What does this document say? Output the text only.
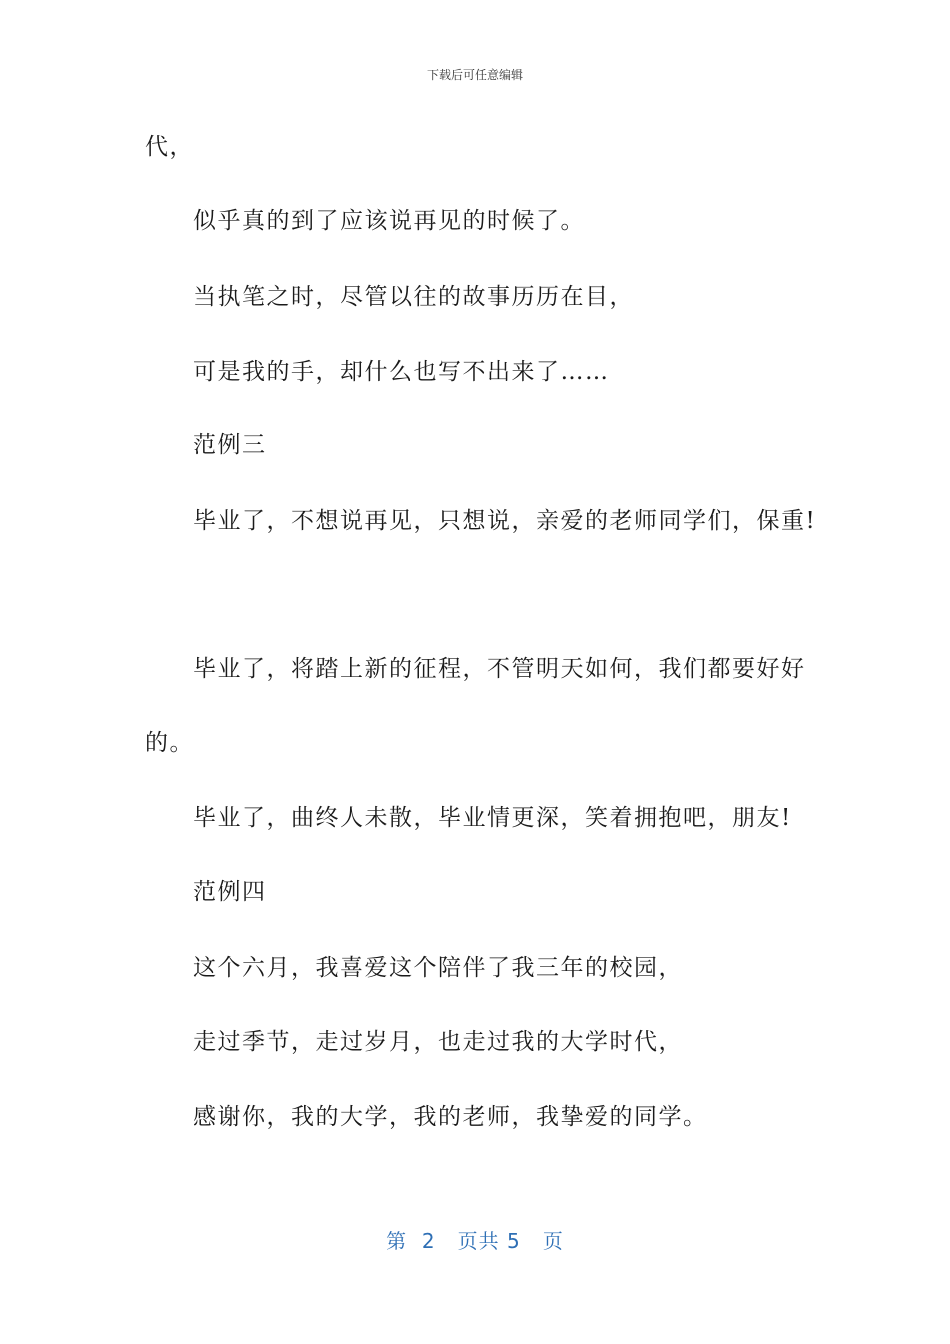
下载后可任意编辑
代，
似乎真的到了应该说再见的时候了。
当执笔之时，尽管以往的故事历历在目，
可是我的手，却什么也写不出来了……
范例三
毕业了，不想说再见，只想说，亲爱的老师同学们，保重!
毕业了，将踏上新的征程，不管明天如何，我们都要好好
的。
毕业了，曲终人未散，毕业情更深，笑着拥抱吧，朋友!
范例四
这个六月，我喜爱这个陪伴了我三年的校园，
走过季节，走过岁月，也走过我的大学时代，
感谢你，我的大学，我的老师，我挚爱的同学。
第  2   页共 5   页
